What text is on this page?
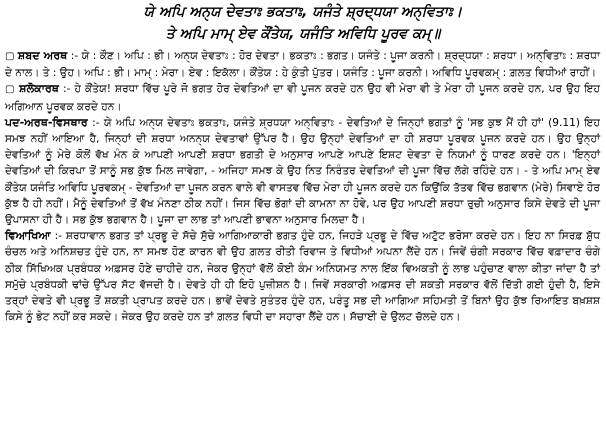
ਯੇ ਅਪਿ ਅਨੑਯ ਦੇਵਤਾਃ ਭਕਤਾਃ, ਯਜੰਤੇ ਸ਼੍ਰਦ੍ਧਯਾ ਅਨੑਵਿਤਾਃ।

ਤੇ ਅਪਿ ਮਾਮ੍ ਏਵ ਕੌਂਤੇਯ, ਯਜੰਤਿ ਅਵਿਧਿ ਪੂਰਵ ਕਮ੍॥

▢ ਸ਼ਬਦ ਅਰਥ :- ਯੇ : ਕੌਣ। ਅਪਿ : ਭੀ। ਅਨੑਯ ਦੇਵਤਾਃ : ਹੋਰ ਦੇਵਤਾ। ਭਕਤਾਃ : ਭਗਤ। ਯਜੰਤੇ : ਪੂਜਾ ਕਰਨੀ। ਸ਼੍ਰਦ੍ਧਯਾ : ਸ਼ਰਧਾ। ਅਨੑਵਿਤਾਃ : ਸ਼ਰਧਾ ਦੇ ਨਾਲ। ਤੇ : ਉਹ। ਅਪਿ : ਭੀ। ਮਾਮ੍ : ਮੇਰਾ। ਏਵ : ਇਕੱਲਾ। ਕੌਂਤੇਯ : ਹੇ ਕੁੰਤੀ ਪੁੱਤਰ। ਯਜੰਤਿ : ਪੂਜਾ ਕਰਨੀ। ਅਵਿਧਿ ਪੂਰਵਕਮ੍ : ਗ਼ਲਤ ਵਿਧੀਆਂ ਰਾਹੀਂ।

▢ ਸ਼ਲੋਕਾਰਥ :- ਹੇ ਕੌਂਤੇਯ! ਸ਼ਰਧਾ ਵਿੱਚ ਪੂਰੇ ਜੋ ਭਗਤ ਹੋਰ ਦੇਵਤਿਆਂ ਦਾ ਵੀ ਪੂਜਨ ਕਰਦੇ ਹਨ ਉਹ ਵੀ ਮੇਰਾ ਵੀ ਤੇ ਮੇਰਾ ਹੀ ਪੂਜਨ ਕਰਦੇ ਹਨ, ਪਰ ਉਹ ਇਹ ਅਗਿਆਨ ਪੂਰਵਕ ਕਰਦੇ ਹਨ।

ਪਦ-ਅਰਥ-ਵਿਸਥਾਰ :- ਯੇ ਅਪਿ ਅਨੑਯ ਦੇਵਤਾਃ ਭਕਤਾਃ, ਯਜੰਤੇ ਸ਼੍ਰਧਯਾ ਅਨੑਵਿਤਾਃ - ਦੇਵਤਿਆਂ ਦੇ ਜਿਨ੍ਹਾਂ ਭਗਤਾਂ ਨੂੰ 'ਸਭ ਕੁਝ ਮੈਂ ਹੀ ਹਾਂ' (9.11) ਇਹ ਸਮਝ ਨਹੀਂ ਆਇਆ ਹੈ, ਜਿਨ੍ਹਾਂ ਦੀ ਸ਼ਰਧਾ ਅਨਨੑਯ ਦੇਵਤਾਵਾਂ ਉੱਪਰ ਹੈ। ਉਹ ਉਨ੍ਹਾਂ ਦੇਵਤਿਆਂ ਦਾ ਹੀ ਸ਼ਰਧਾ ਪੂਰਵਕ ਪੂਜਨ ਕਰਦੇ ਹਨ। ਉਹ ਉਨ੍ਹਾਂ ਦੇਵਤਿਆਂ ਨੂੰ ਮੇਰੇ ਕੋਲੋਂ ਵੱਖ ਮੰਨ ਕੇ ਆਪਣੀ ਆਪਣੀ ਸ਼ਰਧਾ ਭਗਤੀ ਦੇ ਅਨੁਸਾਰ ਆਪਣੇ ਆਪਣੇ ਇਸ਼ਟ ਦੇਵਤਾ ਦੇ ਨਿਯਮਾਂ ਨੂੰ ਧਾਰਣ ਕਰਦੇ ਹਨ। 'ਇਨ੍ਹਾਂ ਦੇਵਤਿਆਂ ਦੀ ਕਿਰਪਾ ਤੋਂ ਸਾਨੂੰ ਸਭ ਕੁੱਝ ਮਿਲ ਜਾਵੇਗਾ, - ਅਜਿਹਾ ਸਮਝ ਕੇ ਉਹ ਨਿਤ ਨਿਰੰਤਰ ਦੇਵਤਿਆਂ ਦੀ ਪੂਜਾ ਵਿੱਚ ਲੱਗੇ ਰਹਿੰਦੇ ਹਨ। - ਤੇ ਅਪਿ ਮਾਮ੍ ਏਵ ਕੌਂਤੇਯ ਯਜੰਤਿ ਅਵਿਧਿ ਪੂਰਵਕਮ੍ - ਦੇਵਤਿਆਂ ਦਾ ਪੂਜਨ ਕਰਨ ਵਾਲੇ ਵੀ ਵਾਸਤਵ ਵਿੱਚ ਮੇਰਾ ਹੀ ਪੂਜਨ ਕਰਦੇ ਹਨ ਕਿਉਂਕਿ ਤੱਤਵ ਵਿੱਚ ਭਗਵਾਨ (ਮੇਰੇ) ਸਿਵਾਏ ਹੋਰ ਕੁੱਝ ਹੈ ਹੀ ਨਹੀਂ। ਮੈਨੂੰ ਦੇਵਤਿਆਂ ਤੋਂ ਵੱਖ ਮੰਨਣਾ ਠੀਕ ਨਹੀਂ। ਜਿਸ ਵਿੱਚ ਭੋਗਾਂ ਦੀ ਕਾਮਨਾ ਨਾ ਹੋਵੇ, ਪਰ ਉਹ ਆਪਣੀ ਸ਼ਰਧਾ ਰੁਚੀ ਅਨੁਸਾਰ ਕਿਸੇ ਦੇਵਤੇ ਦੀ ਪੂਜਾ ਉਪਾਸਨਾ ਹੀ ਹੈ। ਸਭ ਕੁੱਝ ਭਗਵਾਨ ਹੈ। ਪੂਜਾ ਦਾ ਲਾਭ ਤਾਂ ਆਪਣੀ ਭਾਵਨਾ ਅਨੁਸਾਰ ਮਿਲਦਾ ਹੈ।

ਵਿਆਖਿਆ :- ਸ਼ਰਧਾਵਾਨ ਭਗਤ ਤਾਂ ਪ੍ਰਭੂ ਦੇ ਸੱਚੇ ਸੁੱਚੇ ਆਗਿਆਕਾਰੀ ਭਗਤ ਹੁੰਦੇ ਹਨ, ਜਿਹੜੇ ਪ੍ਰਭੂ ਦੇ ਵਿੱਚ ਅਟੁੱਟ ਭਰੋਸਾ ਕਰਦੇ ਹਨ। ਇਹ ਨਾ ਸਿਰਫ਼ ਸ਼ੁੱਧ ਚੰਚਲ ਅਤੇ ਅਨਿਸ਼ਚਤ ਹੁੰਦੇ ਹਨ, ਨਾ ਸਮਝ ਹੋਣ ਕਾਰਨ ਵੀ ਉਹ ਗ਼ਲਤ ਰੀਤੀ ਰਿਵਾਜ ਤੇ ਵਿਧੀਆਂ ਅਪਨਾ ਲੈਂਦੇ ਹਨ। ਜਿਵੇਂ ਚੰਗੀ ਸਰਕਾਰ ਵਿੱਚ ਵਫ਼ਾਦਾਰ ਚੰਗੇ ਠੀਕ ਸਿੱਖਿਅਕ ਪ੍ਰਬੰਧਕ ਅਫ਼ਸਰ ਹੋਣੇ ਚਾਹੀਦੇ ਹਨ, ਜੇਕਰ ਉਨ੍ਹਾਂ ਵੱਲੋਂ ਕੋਈ ਕੰਮ ਅਨਿਯਮਤ ਨਾਲ ਇੱਕ ਵਿਅਕਤੀ ਨੂੰ ਲਾਭ ਪਹੁੰਚਾਣ ਵਾਲਾ ਕੀਤਾ ਜਾਂਦਾ ਹੈ ਤਾਂ ਸਮੁੱਚੇ ਪ੍ਰਬੰਧਕੀ ਢਾਂਚੇ ਉੱਪਰ ਸੱਟ ਵੱਜਦੀ ਹੈ। ਦੇਵਤੇ ਹੀ ਹੀ ਇਹੋ ਪੁਜ਼ੀਸ਼ਨ ਹੈ। ਜਿਵੇਂ ਸਰਕਾਰੀ ਅਫ਼ਸਰ ਦੀ ਸ਼ਕਤੀ ਸਰਕਾਰ ਵੱਲੋਂ ਦਿੱਤੀ ਗਈ ਹੁੰਦੀ ਹੈ, ਇਸੇ ਤਰ੍ਹਾਂ ਦੇਵਤੇ ਵੀ ਪ੍ਰਭੂ ਤੋਂ ਸ਼ਕਤੀ ਪ੍ਰਾਪਤ ਕਰਦੇ ਹਨ। ਭਾਵੇਂ ਦੇਵਤੇ ਸੁਤੰਤਰ ਹੁੰਦੇ ਹਨ, ਪਰੰਤੂ ਸਭ ਦੀ ਆਗਿਆ ਸਹਿਮਤੀ ਤੋਂ ਬਿਨਾਂ ਉਹ ਕੁੱਝ ਰਿਆਇਤ ਬਖ਼ਸ਼ਸ਼ ਕਿਸੇ ਨੂੰ ਭੇਟ ਨਹੀਂ ਕਰ ਸਕਦੇ। ਜੇਕਰ ਉਹ ਕਰਦੇ ਹਨ ਤਾਂ ਗ਼ਲਤ ਵਿਧੀ ਦਾ ਸਹਾਰਾ ਲੈਂਦੇ ਹਨ। ਸੱਚਾਈ ਦੇ ਉਲਟ ਚੱਲਦੇ ਹਨ।
